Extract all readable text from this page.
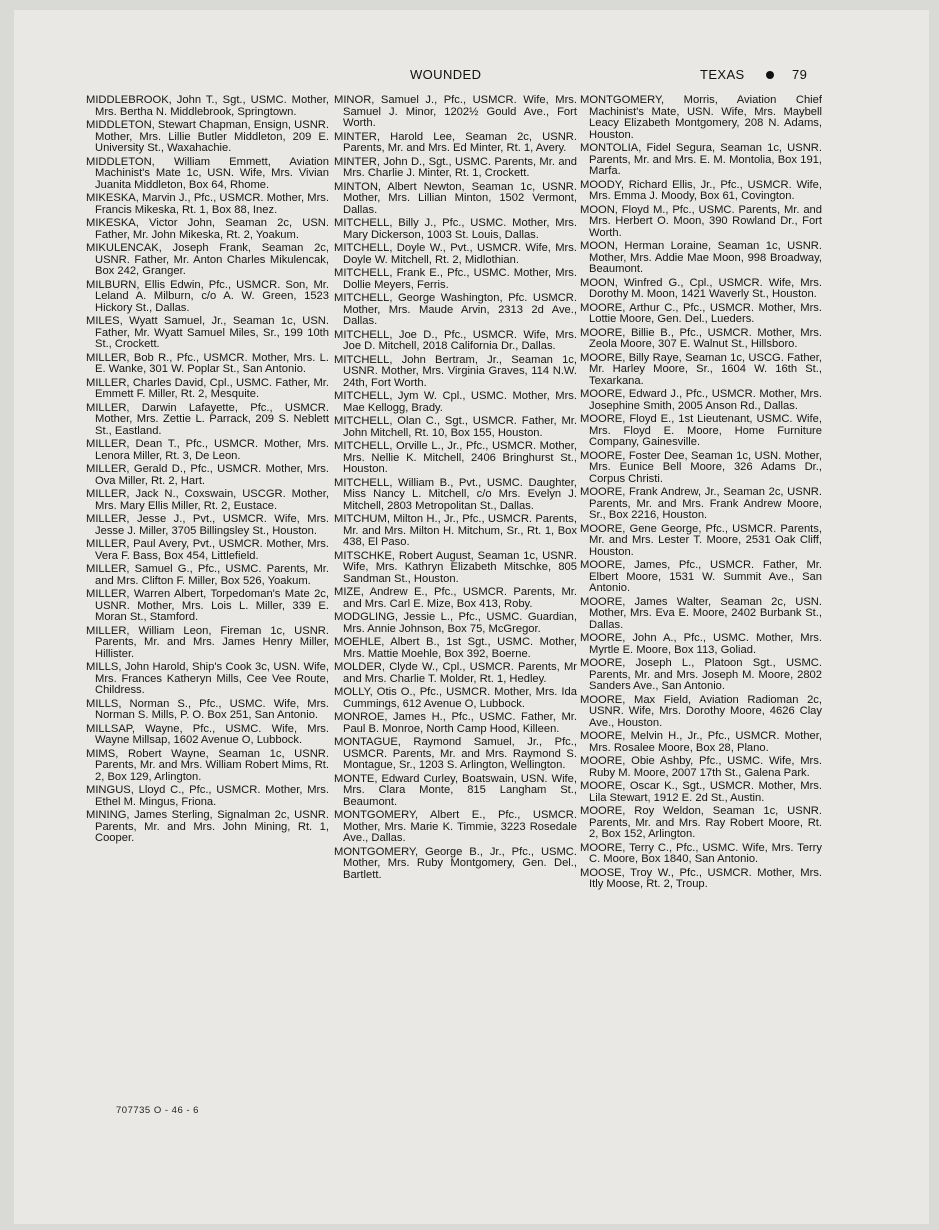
WOUNDED	TEXAS	79

MIDDLEBROOK, John T., Sgt., USMC. Mother, Mrs. Bertha N. Middlebrook, Springtown.

MIDDLETON, Stewart Chapman, Ensign, USNR. Mother, Mrs. Lillie Butler Middleton, 209 E. University St., Waxahachie.

MIDDLETON, William Emmett, Aviation Machinist's Mate 1c, USN. Wife, Mrs. Vivian Juanita Middleton, Box 64, Rhome.

MIKESKA, Marvin J., Pfc., USMCR. Mother, Mrs. Francis Mikeska, Rt. 1, Box 88, Inez.

MIKESKA, Victor John, Seaman 2c, USN. Father, Mr. John Mikeska, Rt. 2, Yoakum.

MIKULENCAK, Joseph Frank, Seaman 2c, USNR. Father, Mr. Anton Charles Mikulencak, Box 242, Granger.

MILBURN, Ellis Edwin, Pfc., USMCR. Son, Mr. Leland A. Milburn, c/o A. W. Green, 1523 Hickory St., Dallas.

MILES, Wyatt Samuel, Jr., Seaman 1c, USN. Father, Mr. Wyatt Samuel Miles, Sr., 199 10th St., Crockett.

MILLER, Bob R., Pfc., USMCR. Mother, Mrs. L. E. Wanke, 301 W. Poplar St., San Antonio.

MILLER, Charles David, Cpl., USMC. Father, Mr. Emmett F. Miller, Rt. 2, Mesquite.

MILLER, Darwin Lafayette, Pfc., USMCR. Mother, Mrs. Zettie L. Parrack, 209 S. Neblett St., Eastland.

MILLER, Dean T., Pfc., USMCR. Mother, Mrs. Lenora Miller, Rt. 3, De Leon.

MILLER, Gerald D., Pfc., USMCR. Mother, Mrs. Ova Miller, Rt. 2, Hart.

MILLER, Jack N., Coxswain, USCGR. Mother, Mrs. Mary Ellis Miller, Rt. 2, Eustace.

MILLER, Jesse J., Pvt., USMCR. Wife, Mrs. Jesse J. Miller, 3705 Billingsley St., Houston.

MILLER, Paul Avery, Pvt., USMCR. Mother, Mrs. Vera F. Bass, Box 454, Littlefield.

MILLER, Samuel G., Pfc., USMC. Parents, Mr. and Mrs. Clifton F. Miller, Box 526, Yoakum.

MILLER, Warren Albert, Torpedoman's Mate 2c, USNR. Mother, Mrs. Lois L. Miller, 339 E. Moran St., Stamford.

MILLER, William Leon, Fireman 1c, USNR. Parents, Mr. and Mrs. James Henry Miller, Hillister.

MILLS, John Harold, Ship's Cook 3c, USN. Wife, Mrs. Frances Katheryn Mills, Cee Vee Route, Childress.

MILLS, Norman S., Pfc., USMC. Wife, Mrs. Norman S. Mills, P. O. Box 251, San Antonio.

MILLSAP, Wayne, Pfc., USMC. Wife, Mrs. Wayne Millsap, 1602 Avenue O, Lubbock.

MIMS, Robert Wayne, Seaman 1c, USNR. Parents, Mr. and Mrs. William Robert Mims, Rt. 2, Box 129, Arlington.

MINGUS, Lloyd C., Pfc., USMCR. Mother, Mrs. Ethel M. Mingus, Friona.

MINING, James Sterling, Signalman 2c, USNR. Parents, Mr. and Mrs. John Mining, Rt. 1, Cooper.

MINOR, Samuel J., Pfc., USMCR. Wife, Mrs. Samuel J. Minor, 1202½ Gould Ave., Fort Worth.

MINTER, Harold Lee, Seaman 2c, USNR. Parents, Mr. and Mrs. Ed Minter, Rt. 1, Avery.

MINTER, John D., Sgt., USMC. Parents, Mr. and Mrs. Charlie J. Minter, Rt. 1, Crockett.

MINTON, Albert Newton, Seaman 1c, USNR. Mother, Mrs. Lillian Minton, 1502 Vermont, Dallas.

MITCHELL, Billy J., Pfc., USMC. Mother, Mrs. Mary Dickerson, 1003 St. Louis, Dallas.

MITCHELL, Doyle W., Pvt., USMCR. Wife, Mrs. Doyle W. Mitchell, Rt. 2, Midlothian.

MITCHELL, Frank E., Pfc., USMC. Mother, Mrs. Dollie Meyers, Ferris.

MITCHELL, George Washington, Pfc. USMCR. Mother, Mrs. Maude Arvin, 2313 2d Ave., Dallas.

MITCHELL, Joe D., Pfc., USMCR. Wife, Mrs. Joe D. Mitchell, 2018 California Dr., Dallas.

MITCHELL, John Bertram, Jr., Seaman 1c, USNR. Mother, Mrs. Virginia Graves, 114 N.W. 24th, Fort Worth.

MITCHELL, Jym W. Cpl., USMC. Mother, Mrs. Mae Kellogg, Brady.

MITCHELL, Olan C., Sgt., USMCR. Father, Mr. John Mitchell, Rt. 10, Box 155, Houston.

MITCHELL, Orville L., Jr., Pfc., USMCR. Mother, Mrs. Nellie K. Mitchell, 2406 Bringhurst St., Houston.

MITCHELL, William B., Pvt., USMC. Daughter, Miss Nancy L. Mitchell, c/o Mrs. Evelyn J. Mitchell, 2803 Metropolitan St., Dallas.

MITCHUM, Milton H., Jr., Pfc., USMCR. Parents, Mr. and Mrs. Milton H. Mitchum, Sr., Rt. 1, Box 438, El Paso.

MITSCHKE, Robert August, Seaman 1c, USNR. Wife, Mrs. Kathryn Elizabeth Mitschke, 805 Sandman St., Houston.

MIZE, Andrew E., Pfc., USMCR. Parents, Mr. and Mrs. Carl E. Mize, Box 413, Roby.

MODGLING, Jessie L., Pfc., USMC. Guardian, Mrs. Annie Johnson, Box 75, McGregor.

MOEHLE, Albert B., 1st Sgt., USMC. Mother, Mrs. Mattie Moehle, Box 392, Boerne.

MOLDER, Clyde W., Cpl., USMCR. Parents, Mr and Mrs. Charlie T. Molder, Rt. 1, Hedley.

MOLLY, Otis O., Pfc., USMCR. Mother, Mrs. Ida Cummings, 612 Avenue O, Lubbock.

MONROE, James H., Pfc., USMC. Father, Mr. Paul B. Monroe, North Camp Hood, Killeen.

MONTAGUE, Raymond Samuel, Jr., Pfc., USMCR. Parents, Mr. and Mrs. Raymond S. Montague, Sr., 1203 S. Arlington, Wellington.

MONTE, Edward Curley, Boatswain, USN. Wife, Mrs. Clara Monte, 815 Langham St., Beaumont.

MONTGOMERY, Albert E., Pfc., USMCR. Mother, Mrs. Marie K. Timmie, 3223 Rosedale Ave., Dallas.

MONTGOMERY, George B., Jr., Pfc., USMC. Mother, Mrs. Ruby Montgomery, Gen. Del., Bartlett.

MONTGOMERY, Morris, Aviation Chief Machinist's Mate, USN. Wife, Mrs. Maybell Leacy Elizabeth Montgomery, 208 N. Adams, Houston.

MONTOLIA, Fidel Segura, Seaman 1c, USNR. Parents, Mr. and Mrs. E. M. Montolia, Box 191, Marfa.

MOODY, Richard Ellis, Jr., Pfc., USMCR. Wife, Mrs. Emma J. Moody, Box 61, Covington.

MOON, Floyd M., Pfc., USMC. Parents, Mr. and Mrs. Herbert O. Moon, 390 Rowland Dr., Fort Worth.

MOON, Herman Loraine, Seaman 1c, USNR. Mother, Mrs. Addie Mae Moon, 998 Broadway, Beaumont.

MOON, Winfred G., Cpl., USMCR. Wife, Mrs. Dorothy M. Moon, 1421 Waverly St., Houston.

MOORE, Arthur C., Pfc., USMCR. Mother, Mrs. Lottie Moore, Gen. Del., Lueders.

MOORE, Billie B., Pfc., USMCR. Mother, Mrs. Zeola Moore, 307 E. Walnut St., Hillsboro.

MOORE, Billy Raye, Seaman 1c, USCG. Father, Mr. Harley Moore, Sr., 1604 W. 16th St., Texarkana.

MOORE, Edward J., Pfc., USMCR. Mother, Mrs. Josephine Smith, 2005 Anson Rd., Dallas.

MOORE, Floyd E., 1st Lieutenant, USMC. Wife, Mrs. Floyd E. Moore, Home Furniture Company, Gainesville.

MOORE, Foster Dee, Seaman 1c, USN. Mother, Mrs. Eunice Bell Moore, 326 Adams Dr., Corpus Christi.

MOORE, Frank Andrew, Jr., Seaman 2c, USNR. Parents, Mr. and Mrs. Frank Andrew Moore, Sr., Box 2216, Houston.

MOORE, Gene George, Pfc., USMCR. Parents, Mr. and Mrs. Lester T. Moore, 2531 Oak Cliff, Houston.

MOORE, James, Pfc., USMCR. Father, Mr. Elbert Moore, 1531 W. Summit Ave., San Antonio.

MOORE, James Walter, Seaman 2c, USN. Mother, Mrs. Eva E. Moore, 2402 Burbank St., Dallas.

MOORE, John A., Pfc., USMC. Mother, Mrs. Myrtle E. Moore, Box 113, Goliad.

MOORE, Joseph L., Platoon Sgt., USMC. Parents, Mr. and Mrs. Joseph M. Moore, 2802 Sanders Ave., San Antonio.

MOORE, Max Field, Aviation Radioman 2c, USNR. Wife, Mrs. Dorothy Moore, 4626 Clay Ave., Houston.

MOORE, Melvin H., Jr., Pfc., USMCR. Mother, Mrs. Rosalee Moore, Box 28, Plano.

MOORE, Obie Ashby, Pfc., USMC. Wife, Mrs. Ruby M. Moore, 2007 17th St., Galena Park.

MOORE, Oscar K., Sgt., USMCR. Mother, Mrs. Lila Stewart, 1912 E. 2d St., Austin.

MOORE, Roy Weldon, Seaman 1c, USNR. Parents, Mr. and Mrs. Ray Robert Moore, Rt. 2, Box 152, Arlington.

MOORE, Terry C., Pfc., USMC. Wife, Mrs. Terry C. Moore, Box 1840, San Antonio.

MOOSE, Troy W., Pfc., USMCR. Mother, Mrs. Itly Moose, Rt. 2, Troup.

707735 O - 46 - 6
